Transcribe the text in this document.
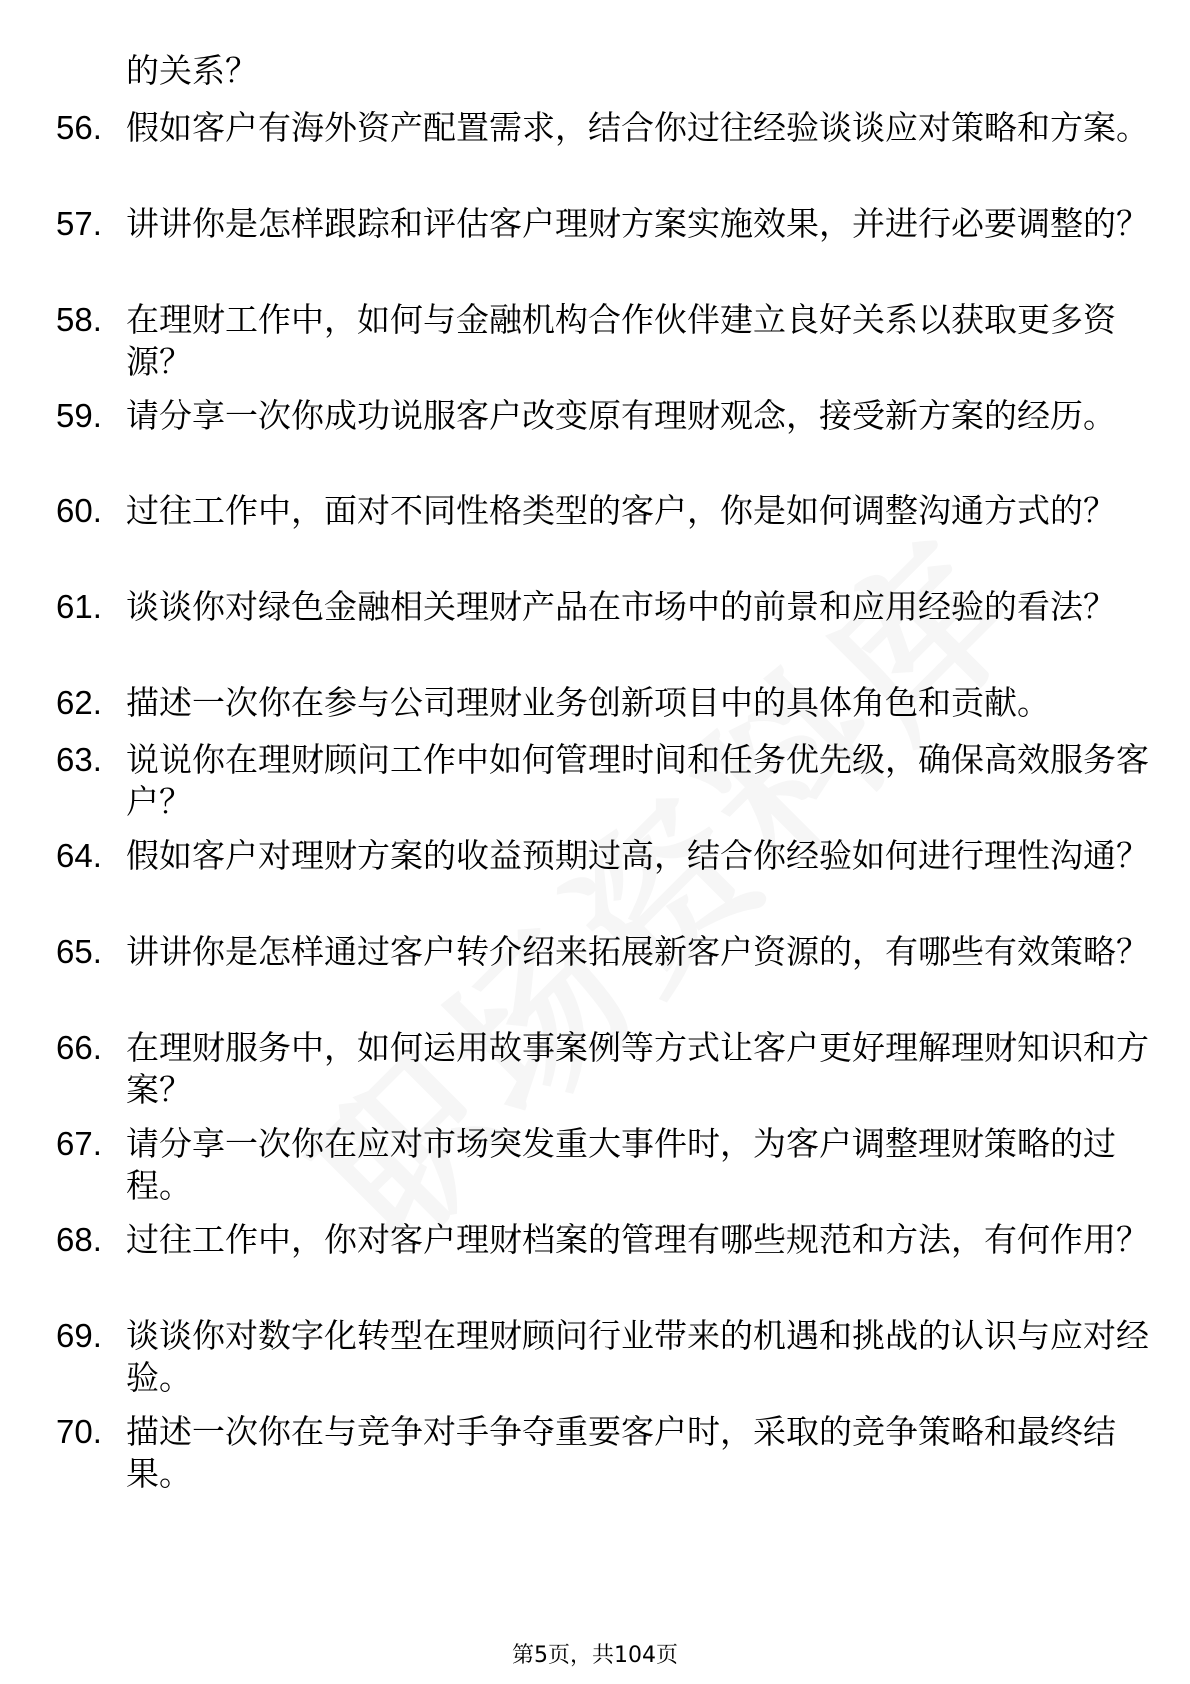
的关系？
56. 假如客户有海外资产配置需求，结合你过往经验谈谈应对策略和方案。
57. 讲讲你是怎样跟踪和评估客户理财方案实施效果，并进行必要调整的？
58. 在理财工作中，如何与金融机构合作伙伴建立良好关系以获取更多资源？
59. 请分享一次你成功说服客户改变原有理财观念，接受新方案的经历。
60. 过往工作中，面对不同性格类型的客户，你是如何调整沟通方式的？
61. 谈谈你对绿色金融相关理财产品在市场中的前景和应用经验的看法？
62. 描述一次你在参与公司理财业务创新项目中的具体角色和贡献。
63. 说说你在理财顾问工作中如何管理时间和任务优先级，确保高效服务客户？
64. 假如客户对理财方案的收益预期过高，结合你经验如何进行理性沟通？
65. 讲讲你是怎样通过客户转介绍来拓展新客户资源的，有哪些有效策略？
66. 在理财服务中，如何运用故事案例等方式让客户更好理解理财知识和方案？
67. 请分享一次你在应对市场突发重大事件时，为客户调整理财策略的过程。
68. 过往工作中，你对客户理财档案的管理有哪些规范和方法，有何作用？
69. 谈谈你对数字化转型在理财顾问行业带来的机遇和挑战的认识与应对经验。
70. 描述一次你在与竞争对手争夺重要客户时，采取的竞争策略和最终结果。
第5页，共104页
